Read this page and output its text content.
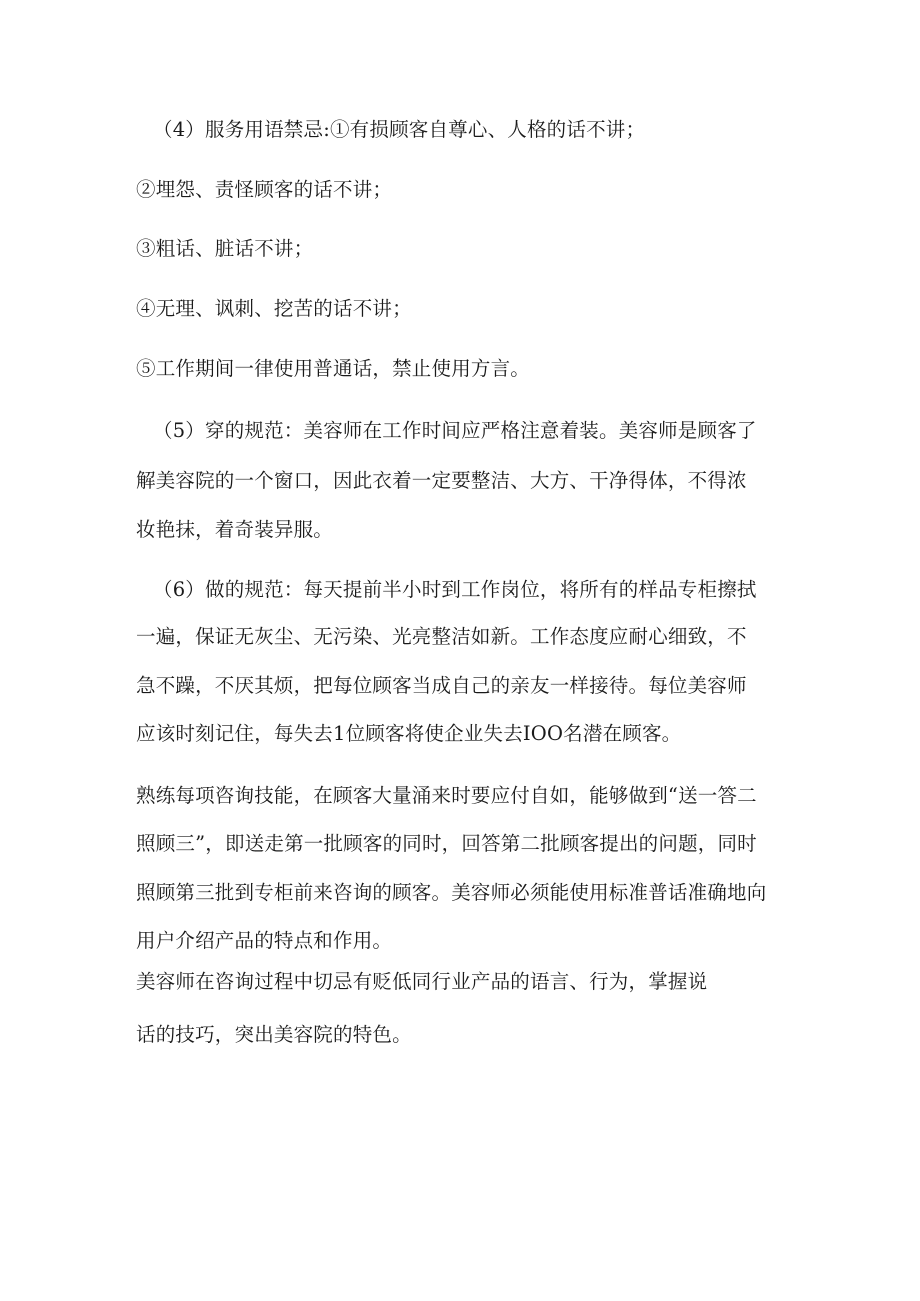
（4）服务用语禁忌:①有损顾客自尊心、人格的话不讲；
②埋怨、责怪顾客的话不讲；
③粗话、脏话不讲；
④无理、讽刺、挖苦的话不讲；
⑤工作期间一律使用普通话，禁止使用方言。
（5）穿的规范：美容师在工作时间应严格注意着装。美容师是顾客了
解美容院的一个窗口，因此衣着一定要整洁、大方、干净得体，不得浓
妆艳抹，着奇装异服。
（6）做的规范：每天提前半小时到工作岗位，将所有的样品专柜擦拭
一遍，保证无灰尘、无污染、光亮整洁如新。工作态度应耐心细致，不
急不躁，不厌其烦，把每位顾客当成自己的亲友一样接待。每位美容师
应该时刻记住，每失去1位顾客将使企业失去IOO名潜在顾客。
熟练每项咨询技能，在顾客大量涌来时要应付自如，能够做到“送一答二
照顾三”，即送走第一批顾客的同时，回答第二批顾客提出的问题，同时
照顾第三批到专柜前来咨询的顾客。美容师必须能使用标准普话准确地向
用户介绍产品的特点和作用。
美容师在咨询过程中切忌有贬低同行业产品的语言、行为，掌握说
话的技巧，突出美容院的特色。
